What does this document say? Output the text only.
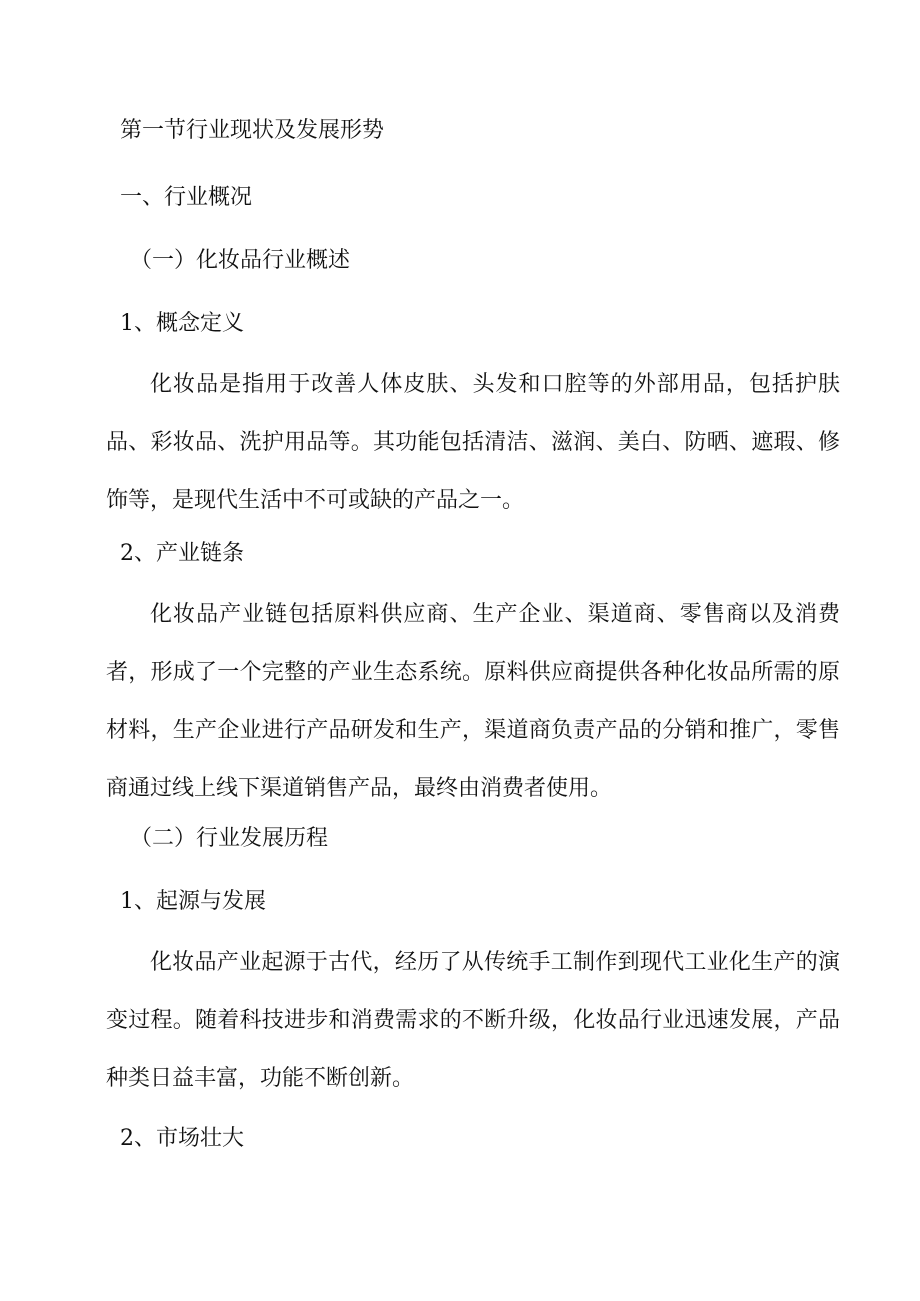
第一节行业现状及发展形势
一、行业概况
（一）化妆品行业概述
1、概念定义

化妆品是指用于改善人体皮肤、头发和口腔等的外部用品，包括护肤品、彩妆品、洗护用品等。其功能包括清洁、滋润、美白、防晒、遮瑕、修饰等，是现代生活中不可或缺的产品之一。

2、产业链条

化妆品产业链包括原料供应商、生产企业、渠道商、零售商以及消费者，形成了一个完整的产业生态系统。原料供应商提供各种化妆品所需的原材料，生产企业进行产品研发和生产，渠道商负责产品的分销和推广，零售商通过线上线下渠道销售产品，最终由消费者使用。

（二）行业发展历程
1、起源与发展

化妆品产业起源于古代，经历了从传统手工制作到现代工业化生产的演变过程。随着科技进步和消费需求的不断升级，化妆品行业迅速发展，产品种类日益丰富，功能不断创新。

2、市场壮大
